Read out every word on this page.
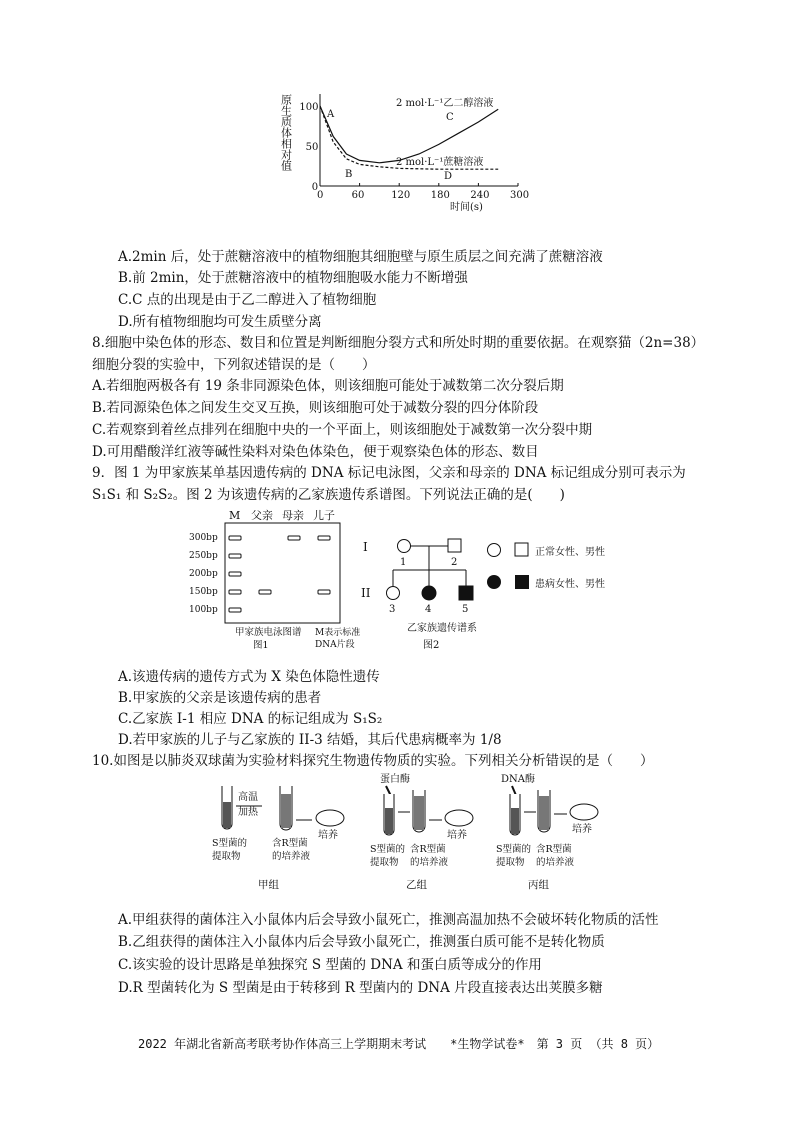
原生质体相对值
0	60	120 180 240 300
0
50
100
A
B
C
D
2 mol·L⁻¹乙二醇溶液
2 mol·L⁻¹蔗糖溶液
时间(s)
A.2min 后，处于蔗糖溶液中的植物细胞其细胞壁与原生质层之间充满了蔗糖溶液
B.前 2min，处于蔗糖溶液中的植物细胞吸水能力不断增强
C.C 点的出现是由于乙二醇进入了植物细胞
D.所有植物细胞均可发生质壁分离
8.细胞中染色体的形态、数目和位置是判断细胞分裂方式和所处时期的重要依据。在观察猫（2n=38）
细胞分裂的实验中，下列叙述错误的是（　　）
A.若细胞两极各有 19 条非同源染色体，则该细胞可能处于减数第二次分裂后期
B.若同源染色体之间发生交叉互换，则该细胞可处于减数分裂的四分体阶段
C.若观察到着丝点排列在细胞中央的一个平面上，则该细胞处于减数第一次分裂中期
D.可用醋酸洋红液等碱性染料对染色体染色，便于观察染色体的形态、数目
9．图 1 为甲家族某单基因遗传病的 DNA 标记电泳图，父亲和母亲的 DNA 标记组成分别可表示为
S₁S₁ 和 S₂S₂。图 2 为该遗传病的乙家族遗传系谱图。下列说法正确的是(　　)
M 父亲 母亲 儿子
300bp
250bp
200bp
150bp
100bp
甲家族电泳图谱
图1
M表示标准
DNA片段
I
II
1	2
3	4	5
正常女性、男性
患病女性、男性
乙家族遗传谱系
图2
A.该遗传病的遗传方式为 X 染色体隐性遗传
B.甲家族的父亲是该遗传病的患者
C.乙家族 I-1 相应 DNA 的标记组成为 S₁S₂
D.若甲家族的儿子与乙家族的 II-3 结婚，其后代患病概率为 1/8
10.如图是以肺炎双球菌为实验材料探究生物遗传物质的实验。下列相关分析错误的是（　　）
高温
加热
培养
S型菌的
提取物
含R型菌
的培养液
甲组
蛋白酶
培养
S型菌的
提取物
含R型菌
的培养液
乙组
DNA酶
培养
S型菌的
提取物
含R型菌
的培养液
丙组
A.甲组获得的菌体注入小鼠体内后会导致小鼠死亡，推测高温加热不会破坏转化物质的活性
B.乙组获得的菌体注入小鼠体内后会导致小鼠死亡，推测蛋白质可能不是转化物质
C.该实验的设计思路是单独探究 S 型菌的 DNA 和蛋白质等成分的作用
D.R 型菌转化为 S 型菌是由于转移到 R 型菌内的 DNA 片段直接表达出荚膜多糖
2022 年湖北省新高考联考协作体高三上学期期末考试　　*生物学试卷*　第 3 页 （共 8 页）
